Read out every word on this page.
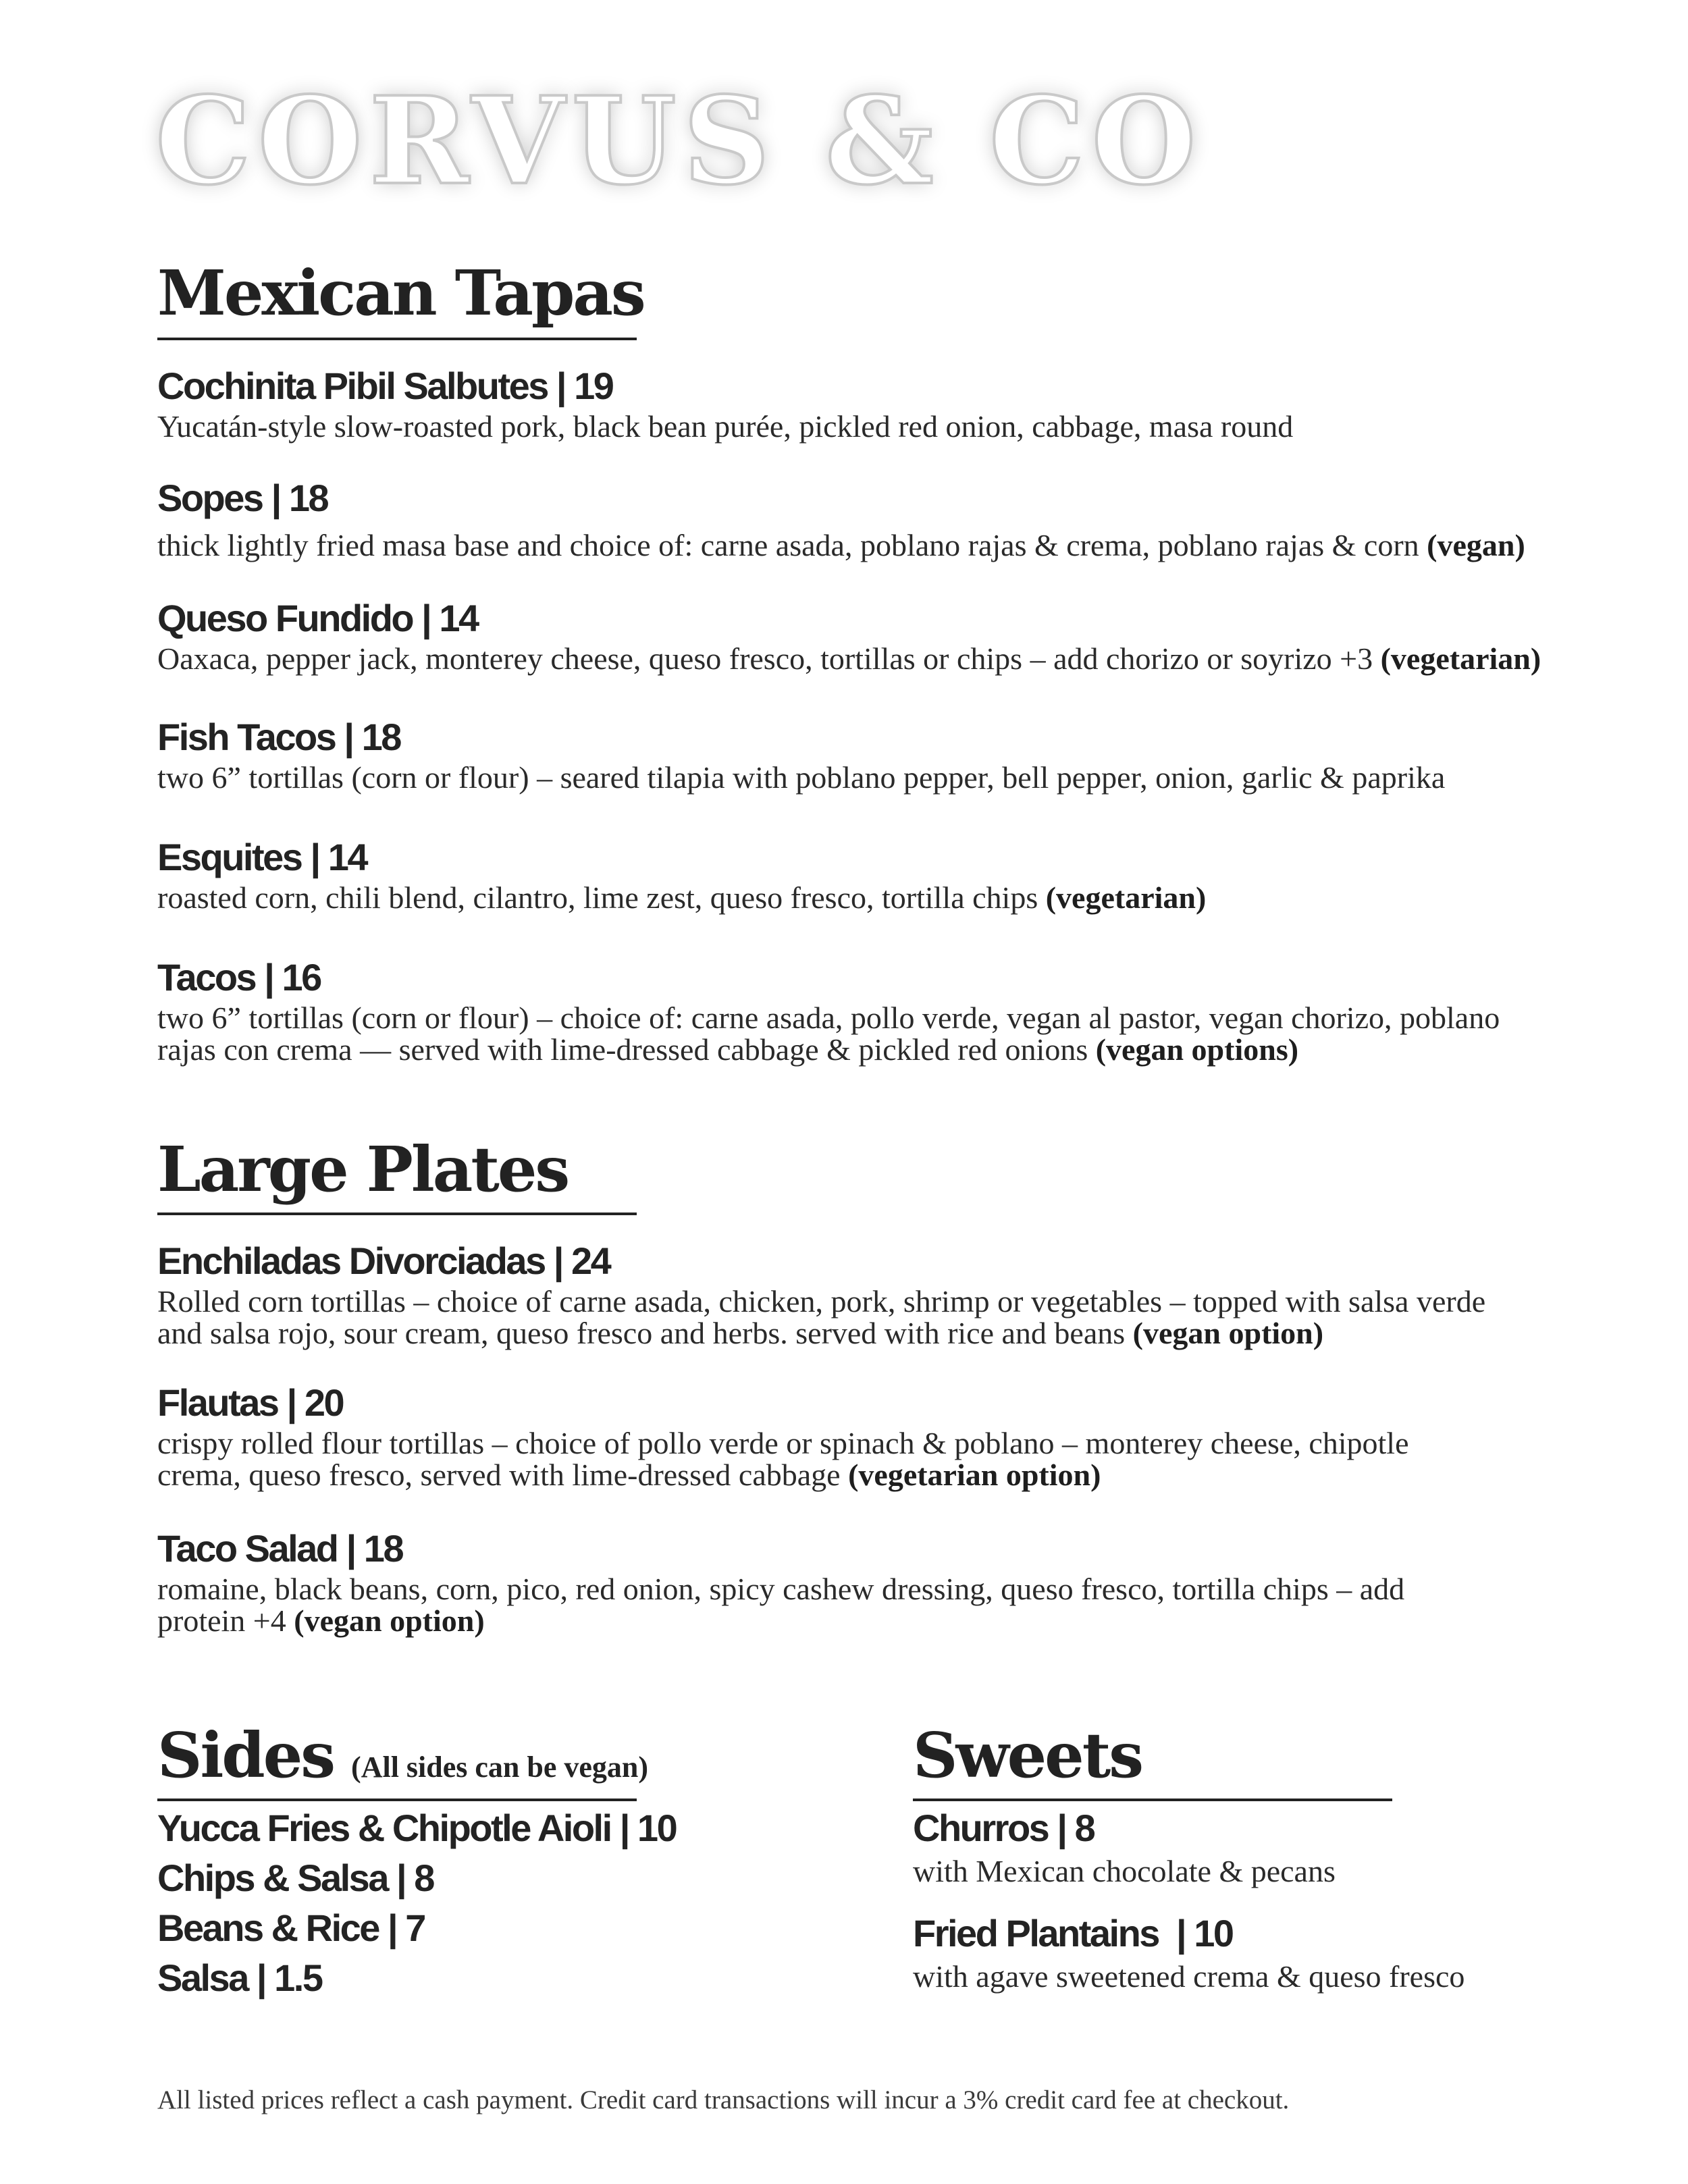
CORVUS & CO
Mexican Tapas
Cochinita Pibil Salbutes | 19
Yucatán-style slow-roasted pork, black bean purée, pickled red onion, cabbage, masa round
Sopes | 18
thick lightly fried masa base and choice of: carne asada, poblano rajas & crema, poblano rajas & corn (vegan)
Queso Fundido | 14
Oaxaca, pepper jack, monterey cheese, queso fresco, tortillas or chips – add chorizo or soyrizo +3 (vegetarian)
Fish Tacos | 18
two 6” tortillas (corn or flour) – seared tilapia with poblano pepper, bell pepper, onion, garlic & paprika
Esquites | 14
roasted corn, chili blend, cilantro, lime zest, queso fresco, tortilla chips (vegetarian)
Tacos | 16
two 6” tortillas (corn or flour) – choice of: carne asada, pollo verde, vegan al pastor, vegan chorizo, poblano rajas con crema — served with lime-dressed cabbage & pickled red onions (vegan options)
Large Plates
Enchiladas Divorciadas | 24
Rolled corn tortillas – choice of carne asada, chicken, pork, shrimp or vegetables – topped with salsa verde and salsa rojo, sour cream, queso fresco and herbs. served with rice and beans (vegan option)
Flautas | 20
crispy rolled flour tortillas – choice of pollo verde or spinach & poblano – monterey cheese, chipotle crema, queso fresco, served with lime-dressed cabbage (vegetarian option)
Taco Salad | 18
romaine, black beans, corn, pico, red onion, spicy cashew dressing, queso fresco, tortilla chips – add protein +4 (vegan option)
Sides (All sides can be vegan)
Yucca Fries & Chipotle Aioli | 10
Chips & Salsa | 8
Beans & Rice | 7
Salsa | 1.5
Sweets
Churros | 8
with Mexican chocolate & pecans
Fried Plantains  | 10
with agave sweetened crema & queso fresco
All listed prices reflect a cash payment. Credit card transactions will incur a 3% credit card fee at checkout.
